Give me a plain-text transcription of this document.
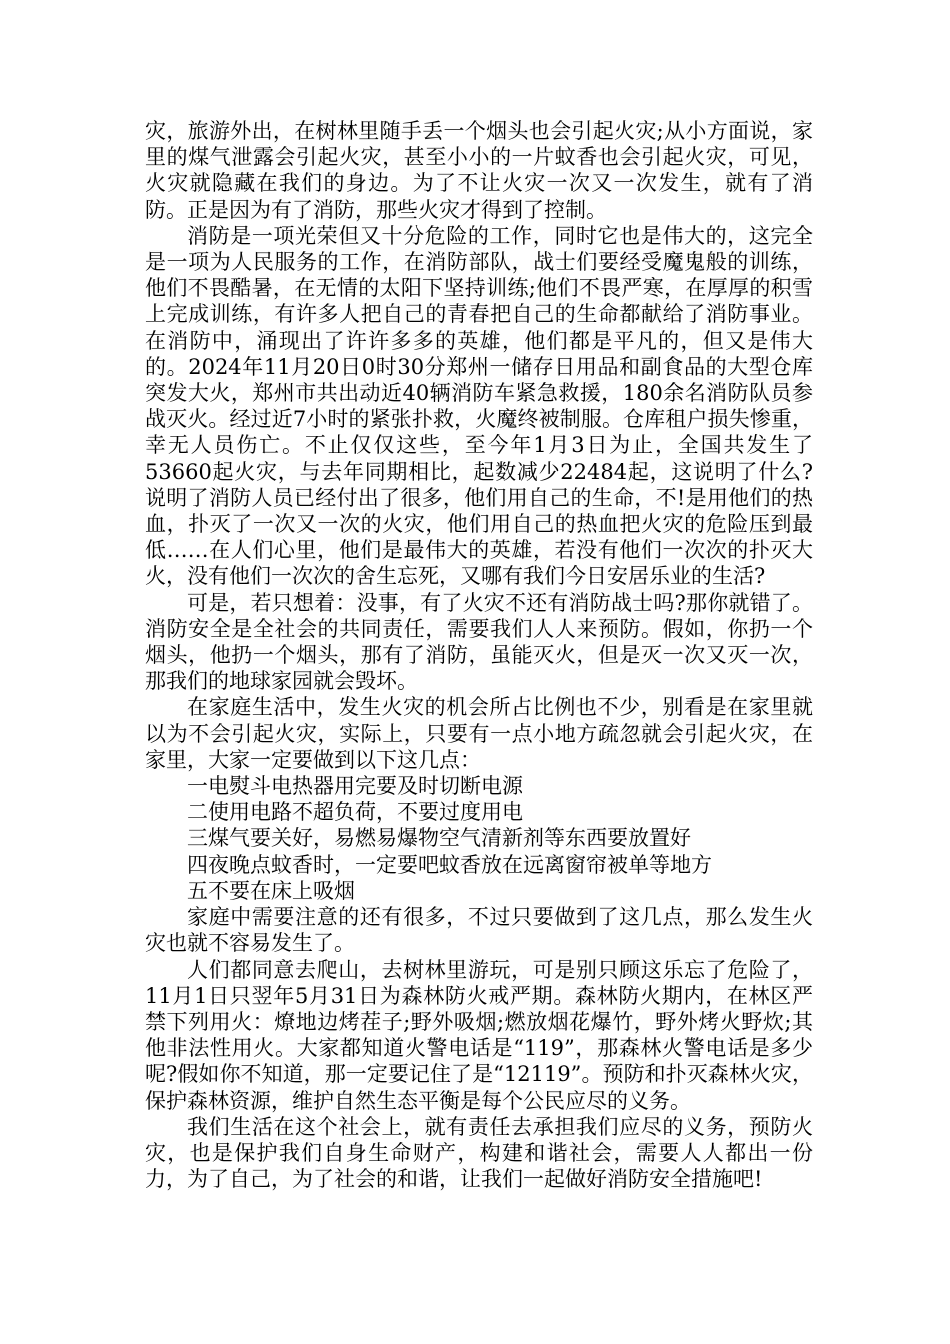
灾，旅游外出，在树林里随手丢一个烟头也会引起火灾;从小方面说，家里的煤气泄露会引起火灾，甚至小小的一片蚊香也会引起火灾，可见，火灾就隐藏在我们的身边。为了不让火灾一次又一次发生，就有了消防。正是因为有了消防，那些火灾才得到了控制。

消防是一项光荣但又十分危险的工作，同时它也是伟大的，这完全是一项为人民服务的工作，在消防部队，战士们要经受魔鬼般的训练，他们不畏酷暑，在无情的太阳下坚持训练;他们不畏严寒，在厚厚的积雪上完成训练，有许多人把自己的青春把自己的生命都献给了消防事业。在消防中，涌现出了许许多多的英雄，他们都是平凡的，但又是伟大的。2024年11月20日0时30分郑州一储存日用品和副食品的大型仓库突发大火，郑州市共出动近40辆消防车紧急救援，180余名消防队员参战灭火。经过近7小时的紧张扑救，火魔终被制服。仓库租户损失惨重，幸无人员伤亡。不止仅仅这些，至今年1月3日为止，全国共发生了53660起火灾，与去年同期相比，起数减少22484起，这说明了什么?说明了消防人员已经付出了很多，他们用自己的生命，不!是用他们的热血，扑灭了一次又一次的火灾，他们用自己的热血把火灾的危险压到最低……在人们心里，他们是最伟大的英雄，若没有他们一次次的扑灭大火，没有他们一次次的舍生忘死，又哪有我们今日安居乐业的生活?

可是，若只想着：没事，有了火灾不还有消防战士吗?那你就错了。消防安全是全社会的共同责任，需要我们人人来预防。假如，你扔一个烟头，他扔一个烟头，那有了消防，虽能灭火，但是灭一次又灭一次，那我们的地球家园就会毁坏。

在家庭生活中，发生火灾的机会所占比例也不少，别看是在家里就以为不会引起火灾，实际上，只要有一点小地方疏忽就会引起火灾，在家里，大家一定要做到以下这几点：

一电熨斗电热器用完要及时切断电源

二使用电路不超负荷，不要过度用电

三煤气要关好，易燃易爆物空气清新剂等东西要放置好

四夜晚点蚊香时，一定要吧蚊香放在远离窗帘被单等地方

五不要在床上吸烟

家庭中需要注意的还有很多，不过只要做到了这几点，那么发生火灾也就不容易发生了。

人们都同意去爬山，去树林里游玩，可是别只顾这乐忘了危险了，11月1日只翌年5月31日为森林防火戒严期。森林防火期内，在林区严禁下列用火：燎地边烤茬子;野外吸烟;燃放烟花爆竹，野外烤火野炊;其他非法性用火。大家都知道火警电话是“119”，那森林火警电话是多少呢?假如你不知道，那一定要记住了是“12119”。预防和扑灭森林火灾，保护森林资源，维护自然生态平衡是每个公民应尽的义务。

我们生活在这个社会上，就有责任去承担我们应尽的义务，预防火灾，也是保护我们自身生命财产，构建和谐社会，需要人人都出一份力，为了自己，为了社会的和谐，让我们一起做好消防安全措施吧!
